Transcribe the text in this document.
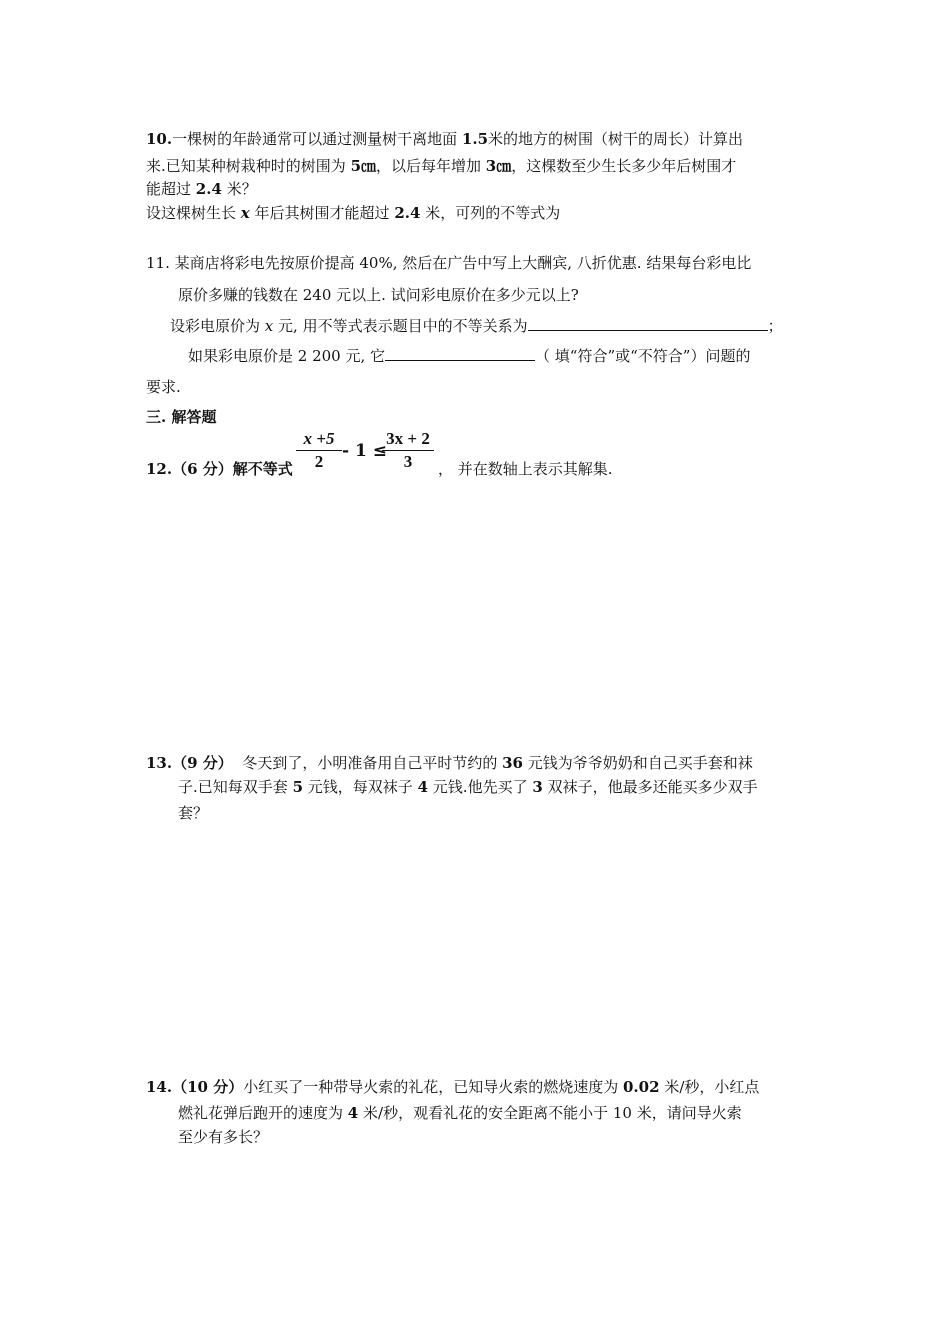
10.一棵树的年龄通常可以通过测量树干离地面 1.5米的地方的树围（树干的周长）计算出
来.已知某种树栽种时的树围为 5㎝，以后每年增加 3㎝，这棵数至少生长多少年后树围才
能超过 2.4 米？
设这棵树生长 x 年后其树围才能超过 2.4 米，可列的不等式为
11. 某商店将彩电先按原价提高 40%, 然后在广告中写上大酬宾, 八折优惠. 结果每台彩电比
原价多赚的钱数在 240 元以上. 试问彩电原价在多少元以上?
设彩电原价为 x 元, 用不等式表示题目中的不等关系为	；
如果彩电原价是 2 200 元, 它	（ 填“符合”或“不符合”）问题的
要求.
三. 解答题
12.（6 分）解不等式
x +5
2
- 1 ≤
3x + 2
3	， 并在数轴上表示其解集.
13.（9 分） 冬天到了，小明准备用自己平时节约的 36 元钱为爷爷奶奶和自己买手套和袜
子.已知每双手套 5 元钱，每双袜子 4 元钱.他先买了 3 双袜子，他最多还能买多少双手
套？
14.（10 分）小红买了一种带导火索的礼花，已知导火索的燃烧速度为 0.02 米/秒，小红点
燃礼花弹后跑开的速度为 4 米/秒，观看礼花的安全距离不能小于 10 米，请问导火索
至少有多长？
